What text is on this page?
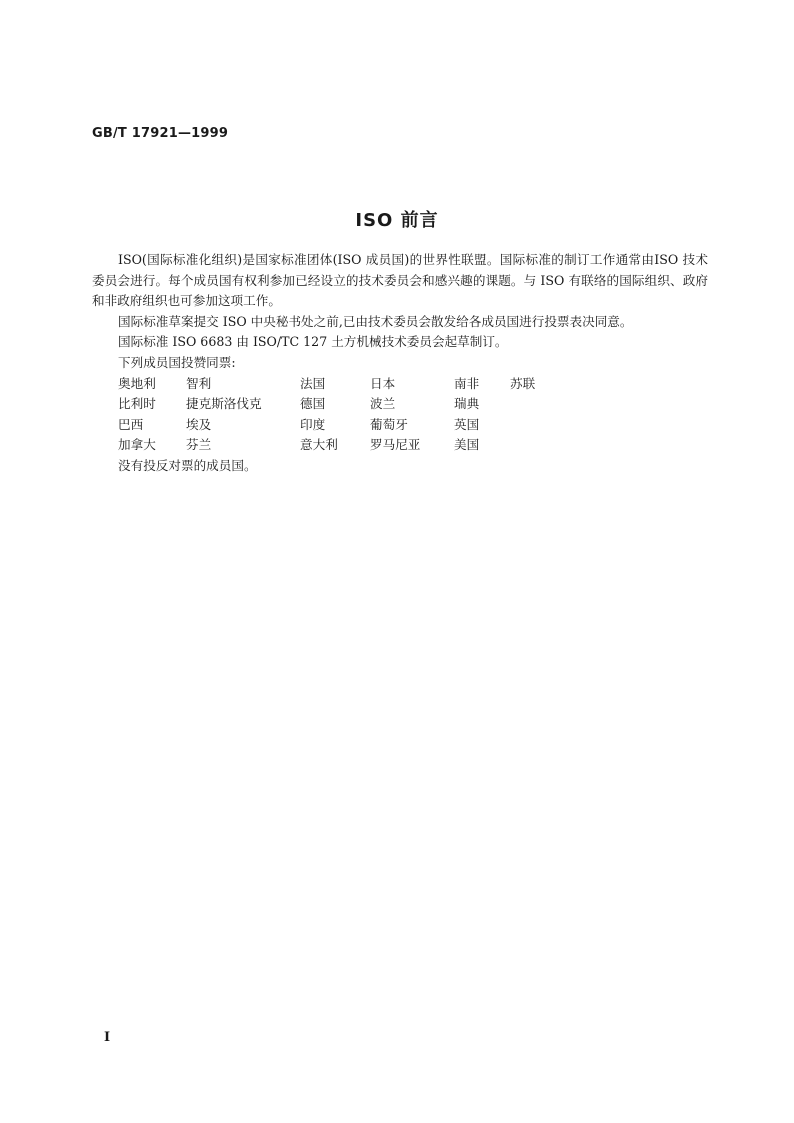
GB/T 17921—1999
ISO 前言

ISO(国际标准化组织)是国家标准团体(ISO 成员国)的世界性联盟。国际标准的制订工作通常由ISO 技术委员会进行。每个成员国有权利参加已经设立的技术委员会和感兴趣的课题。与 ISO 有联络的国际组织、政府和非政府组织也可参加这项工作。

国际标准草案提交 ISO 中央秘书处之前,已由技术委员会散发给各成员国进行投票表决同意。

国际标准 ISO 6683 由 ISO/TC 127 土方机械技术委员会起草制订。

下列成员国投赞同票:

奥地利	智利	法国	日本	南非	苏联
比利时	捷克斯洛伐克	德国	波兰	瑞典	
巴西	埃及	印度	葡萄牙	英国	
加拿大	芬兰	意大利	罗马尼亚	美国	

没有投反对票的成员国。

I
